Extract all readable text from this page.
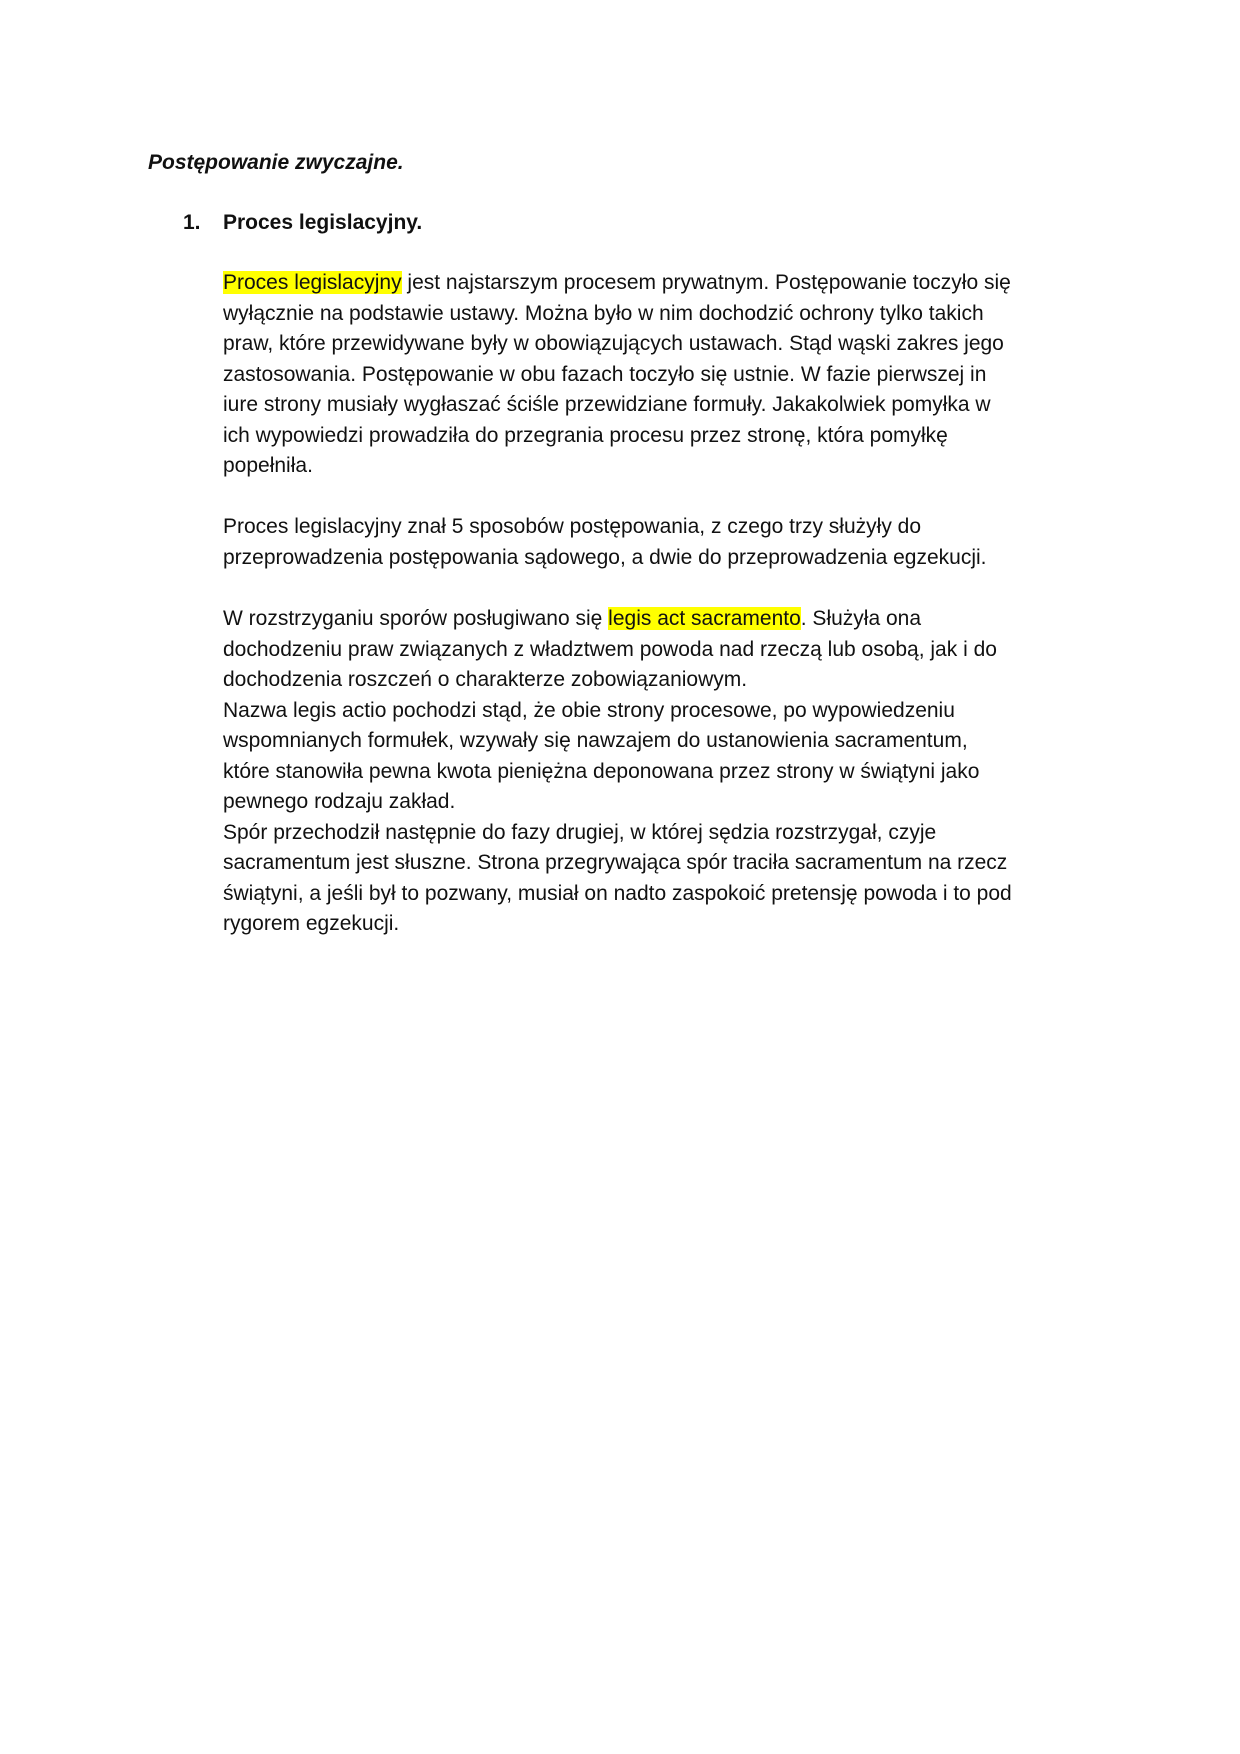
Postępowanie zwyczajne.

1. Proces legislacyjny.

Proces legislacyjny jest najstarszym procesem prywatnym. Postępowanie toczyło się
wyłącznie na podstawie ustawy. Można było w nim dochodzić ochrony tylko takich
praw, które przewidywane były w obowiązujących ustawach. Stąd wąski zakres jego
zastosowania. Postępowanie w obu fazach toczyło się ustnie. W fazie pierwszej in
iure strony musiały wygłaszać ściśle przewidziane formuły. Jakakolwiek pomyłka w
ich wypowiedzi prowadziła do przegrania procesu przez stronę, która pomyłkę
popełniła.
Proces legislacyjny znał 5 sposobów postępowania, z czego trzy służyły do
przeprowadzenia postępowania sądowego, a dwie do przeprowadzenia egzekucji.
W rozstrzyganiu sporów posługiwano się legis act sacramento. Służyła ona
dochodzeniu praw związanych z władztwem powoda nad rzeczą lub osobą, jak i do
dochodzenia roszczeń o charakterze zobowiązaniowym.
Nazwa legis actio pochodzi stąd, że obie strony procesowe, po wypowiedzeniu
wspomnianych formułek, wzywały się nawzajem do ustanowienia sacramentum,
które stanowiła pewna kwota pieniężna deponowana przez strony w świątyni jako
pewnego rodzaju zakład.
Spór przechodził następnie do fazy drugiej, w której sędzia rozstrzygał, czyje
sacramentum jest słuszne. Strona przegrywająca spór traciła sacramentum na rzecz
świątyni, a jeśli był to pozwany, musiał on nadto zaspokoić pretensję powoda i to pod
rygorem egzekucji.
